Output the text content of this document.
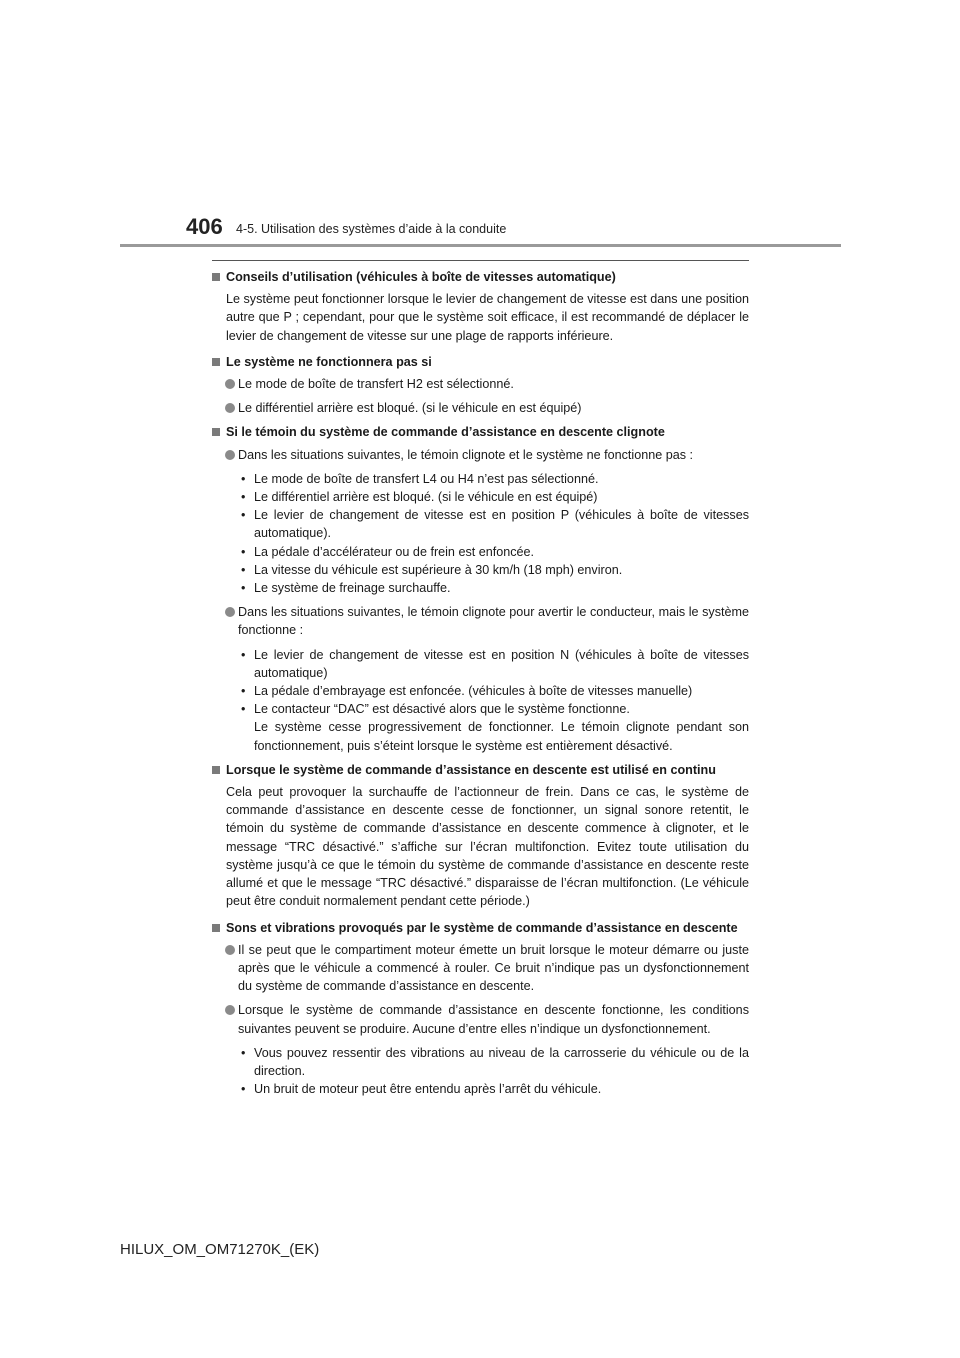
406 4-5. Utilisation des systèmes d’aide à la conduite
Conseils d’utilisation (véhicules à boîte de vitesses automatique)
Le système peut fonctionner lorsque le levier de changement de vitesse est dans une position autre que P ; cependant, pour que le système soit efficace, il est recommandé de déplacer le levier de changement de vitesse sur une plage de rapports inférieure.
Le système ne fonctionnera pas si
Le mode de boîte de transfert H2 est sélectionné.
Le différentiel arrière est bloqué. (si le véhicule en est équipé)
Si le témoin du système de commande d’assistance en descente clignote
Dans les situations suivantes, le témoin clignote et le système ne fonctionne pas :
• Le mode de boîte de transfert L4 ou H4 n’est pas sélectionné.
• Le différentiel arrière est bloqué. (si le véhicule en est équipé)
• Le levier de changement de vitesse est en position P (véhicules à boîte de vitesses automatique).
• La pédale d’accélérateur ou de frein est enfoncée.
• La vitesse du véhicule est supérieure à 30 km/h (18 mph) environ.
• Le système de freinage surchauffe.
Dans les situations suivantes, le témoin clignote pour avertir le conducteur, mais le système fonctionne :
• Le levier de changement de vitesse est en position N (véhicules à boîte de vitesses automatique)
• La pédale d’embrayage est enfoncée. (véhicules à boîte de vitesses manuelle)
• Le contacteur “DAC” est désactivé alors que le système fonctionne.
Le système cesse progressivement de fonctionner. Le témoin clignote pendant son fonctionnement, puis s’éteint lorsque le système est entièrement désactivé.
Lorsque le système de commande d’assistance en descente est utilisé en continu
Cela peut provoquer la surchauffe de l’actionneur de frein. Dans ce cas, le système de commande d’assistance en descente cesse de fonctionner, un signal sonore retentit, le témoin du système de commande d’assistance en descente commence à clignoter, et le message “TRC désactivé.” s’affiche sur l’écran multifonction. Evitez toute utilisation du système jusqu’à ce que le témoin du système de commande d’assistance en descente reste allumé et que le message “TRC désactivé.” disparaisse de l’écran multifonction. (Le véhicule peut être conduit normalement pendant cette période.)
Sons et vibrations provoqués par le système de commande d’assistance en descente
Il se peut que le compartiment moteur émette un bruit lorsque le moteur démarre ou juste après que le véhicule a commencé à rouler. Ce bruit n’indique pas un dysfonctionnement du système de commande d’assistance en descente.
Lorsque le système de commande d’assistance en descente fonctionne, les conditions suivantes peuvent se produire. Aucune d’entre elles n’indique un dysfonctionnement.
• Vous pouvez ressentir des vibrations au niveau de la carrosserie du véhicule ou de la direction.
• Un bruit de moteur peut être entendu après l’arrêt du véhicule.
HILUX_OM_OM71270K_(EK)
